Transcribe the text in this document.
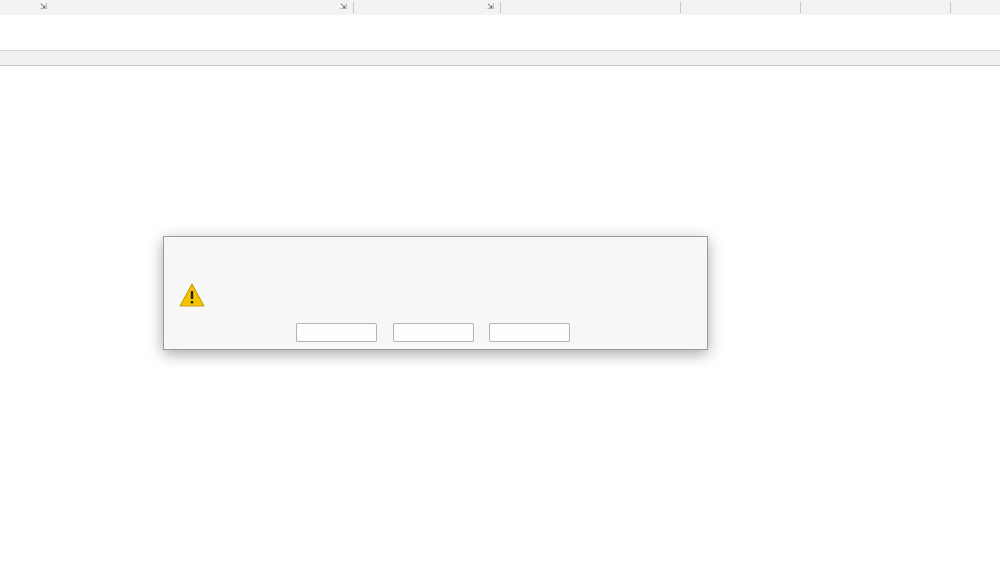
⇲	⇲	⇲
